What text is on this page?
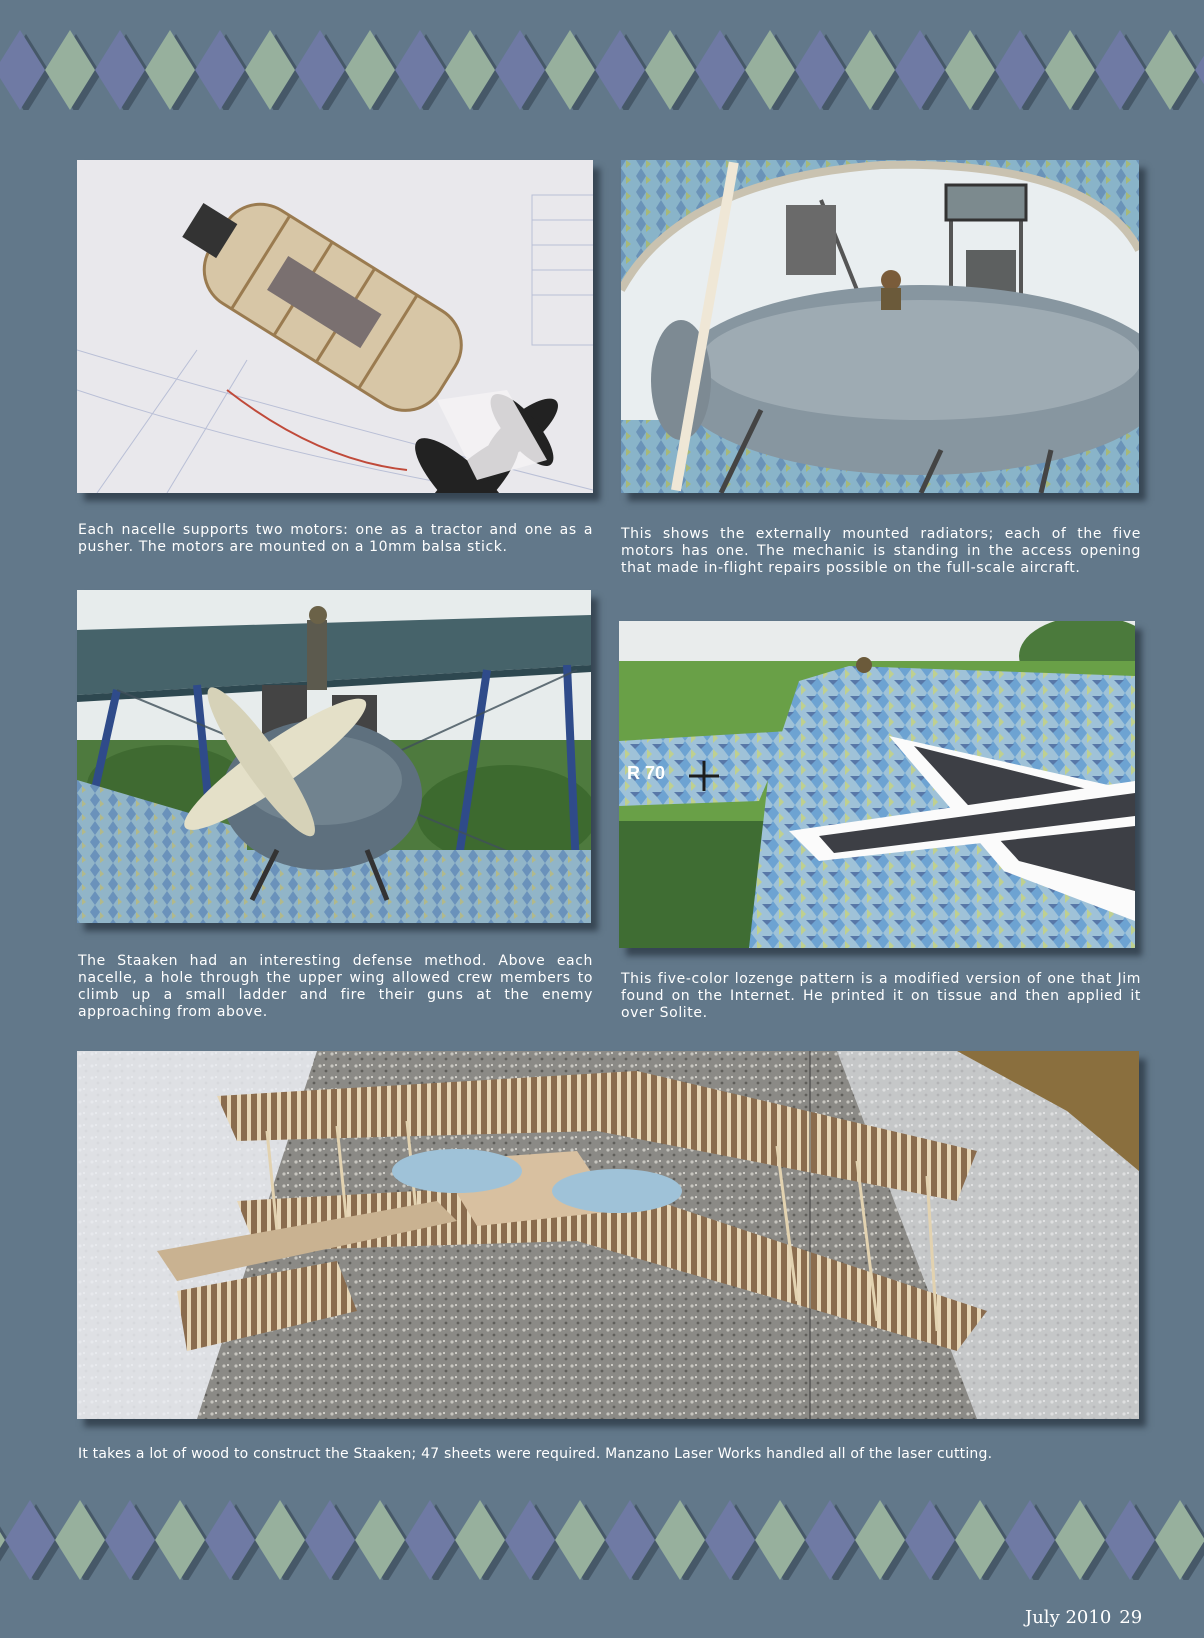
Each nacelle supports two motors: one as a tractor and one as a pusher. The motors are mounted on a 10mm balsa stick.
This shows the externally mounted radiators; each of the five motors has one. The mechanic is standing in the access opening that made in-flight repairs possible on the full-scale aircraft.
R 70
The Staaken had an interesting defense method. Above each nacelle, a hole through the upper wing allowed crew members to climb up a small ladder and fire their guns at the enemy approaching from above.
This five-color lozenge pattern is a modified version of one that Jim found on the Internet. He printed it on tissue and then applied it over Solite.
It takes a lot of wood to construct the Staaken; 47 sheets were required. Manzano Laser Works handled all of the laser cutting.
July 2010 29
